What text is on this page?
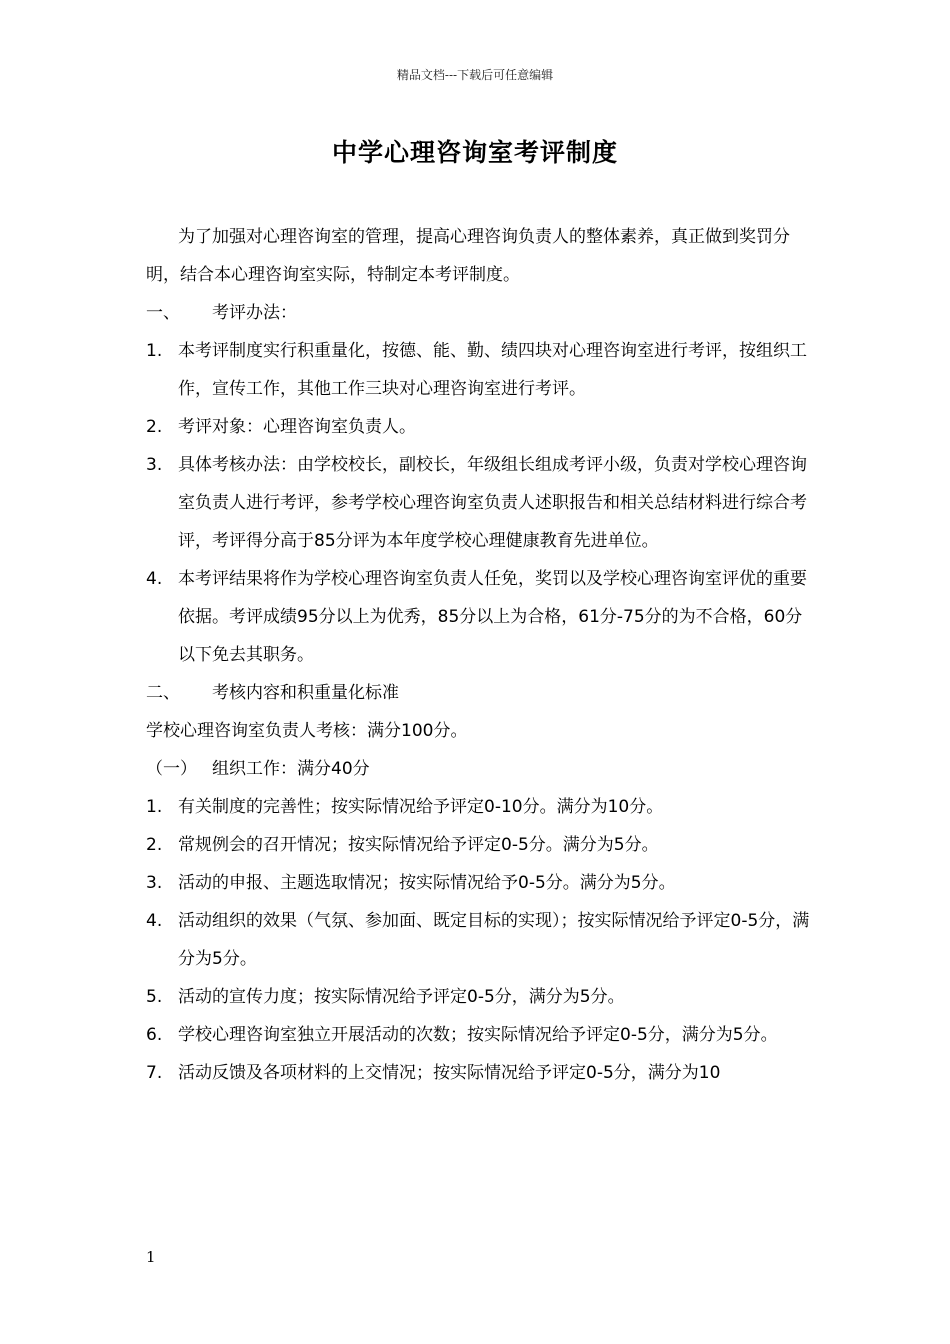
精品文档---下载后可任意编辑
中学心理咨询室考评制度

为了加强对心理咨询室的管理，提高心理咨询负责人的整体素养，真正做到奖罚分明，结合本心理咨询室实际，特制定本考评制度。

一、 考评办法：

1. 本考评制度实行积重量化，按德、能、勤、绩四块对心理咨询室进行考评，按组织工作，宣传工作，其他工作三块对心理咨询室进行考评。
2. 考评对象：心理咨询室负责人。
3. 具体考核办法：由学校校长，副校长，年级组长组成考评小级，负责对学校心理咨询室负责人进行考评，参考学校心理咨询室负责人述职报告和相关总结材料进行综合考评，考评得分高于85分评为本年度学校心理健康教育先进单位。
4. 本考评结果将作为学校心理咨询室负责人任免，奖罚以及学校心理咨询室评优的重要依据。考评成绩95分以上为优秀，85分以上为合格，61分-75分的为不合格，60分以下免去其职务。

二、 考核内容和积重量化标准

学校心理咨询室负责人考核：满分100分。

（一） 组织工作：满分40分

1. 有关制度的完善性；按实际情况给予评定0-10分。满分为10分。
2. 常规例会的召开情况；按实际情况给予评定0-5分。满分为5分。
3. 活动的申报、主题选取情况；按实际情况给予0-5分。满分为5分。
4. 活动组织的效果（气氛、参加面、既定目标的实现）；按实际情况给予评定0-5分，满分为5分。
5. 活动的宣传力度；按实际情况给予评定0-5分，满分为5分。
6. 学校心理咨询室独立开展活动的次数；按实际情况给予评定0-5分，满分为5分。
7. 活动反馈及各项材料的上交情况；按实际情况给予评定0-5分，满分为10
1
